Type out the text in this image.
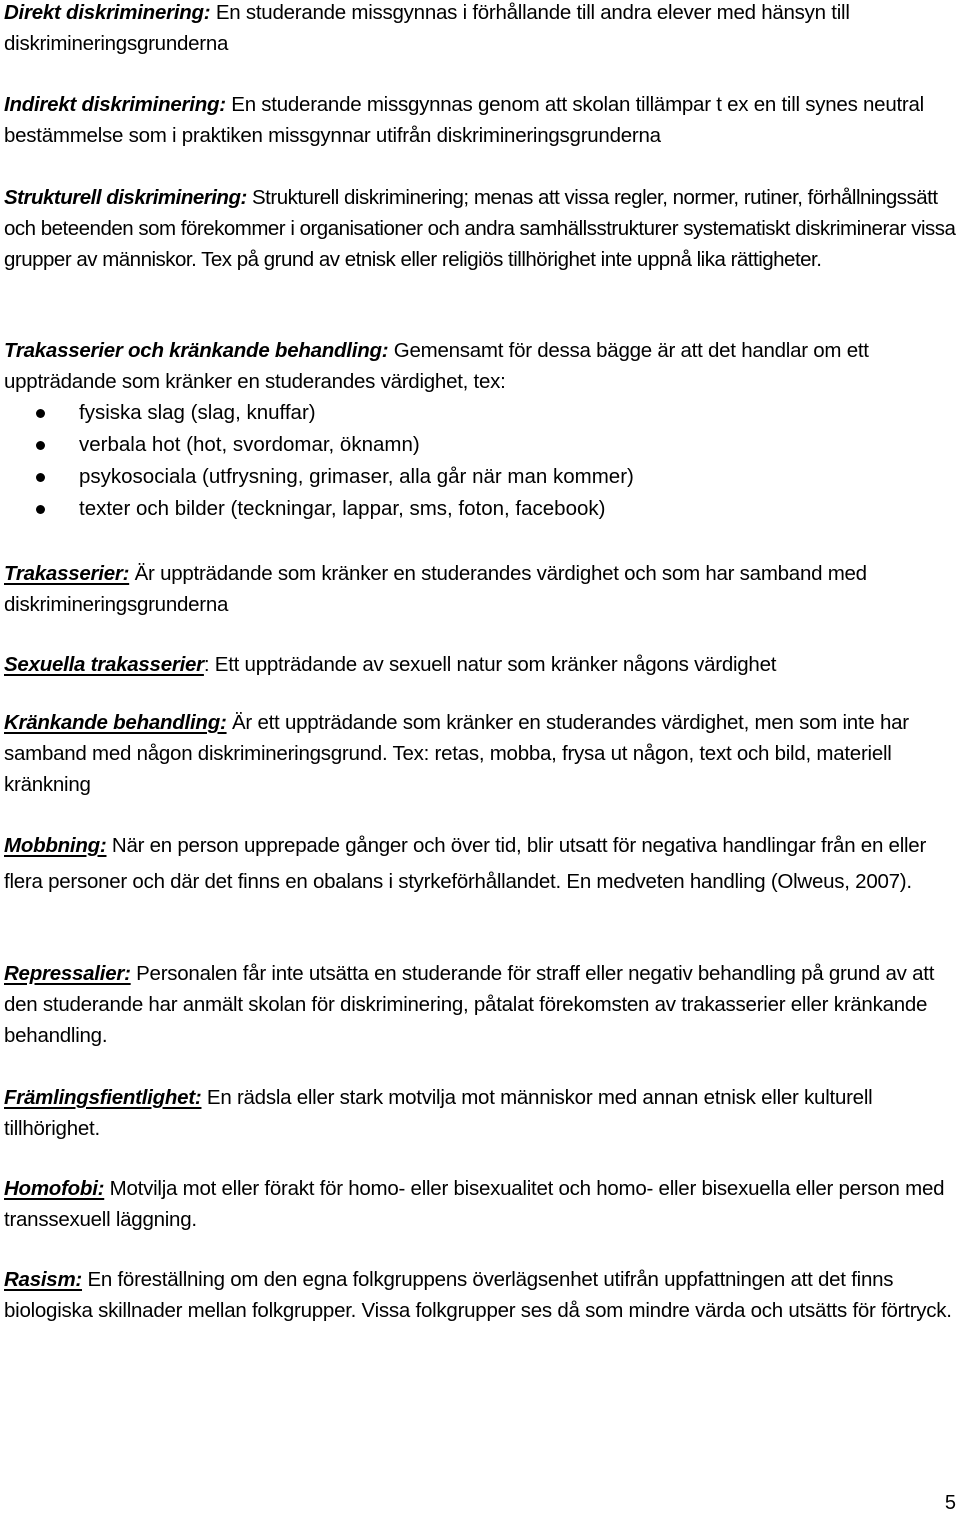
Direkt diskriminering: En studerande missgynnas i förhållande till andra elever med hänsyn till diskrimineringsgrunderna

Indirekt diskriminering: En studerande missgynnas genom att skolan tillämpar t ex en till synes neutral bestämmelse som i praktiken missgynnar utifrån diskrimineringsgrunderna

Strukturell diskriminering: Strukturell diskriminering; menas att vissa regler, normer, rutiner, förhållningssätt och beteenden som förekommer i organisationer och andra samhällsstrukturer systematiskt diskriminerar vissa grupper av människor. Tex på grund av etnisk eller religiös tillhörighet inte uppnå lika rättigheter.

Trakasserier och kränkande behandling: Gemensamt för dessa bägge är att det handlar om ett uppträdande som kränker en studerandes värdighet, tex:

fysiska slag (slag, knuffar)
verbala hot (hot, svordomar, öknamn)
psykosociala (utfrysning, grimaser, alla går när man kommer)
texter och bilder (teckningar, lappar, sms, foton, facebook)

Trakasserier: Är uppträdande som kränker en studerandes värdighet och som har samband med diskrimineringsgrunderna

Sexuella trakasserier: Ett uppträdande av sexuell natur som kränker någons värdighet

Kränkande behandling: Är ett uppträdande som kränker en studerandes värdighet, men som inte har samband med någon diskrimineringsgrund. Tex: retas, mobba, frysa ut någon, text och bild, materiell kränkning

Mobbning: När en person upprepade gånger och över tid, blir utsatt för negativa handlingar från en eller flera personer och där det finns en obalans i styrkeförhållandet. En medveten handling (Olweus, 2007).

Repressalier: Personalen får inte utsätta en studerande för straff eller negativ behandling på grund av att den studerande har anmält skolan för diskriminering, påtalat förekomsten av trakasserier eller kränkande behandling.

Främlingsfientlighet: En rädsla eller stark motvilja mot människor med annan etnisk eller kulturell tillhörighet.

Homofobi: Motvilja mot eller förakt för homo- eller bisexualitet och homo- eller bisexuella eller person med transsexuell läggning.

Rasism: En föreställning om den egna folkgruppens överlägsenhet utifrån uppfattningen att det finns biologiska skillnader mellan folkgrupper. Vissa folkgrupper ses då som mindre värda och utsätts för förtryck.

5
